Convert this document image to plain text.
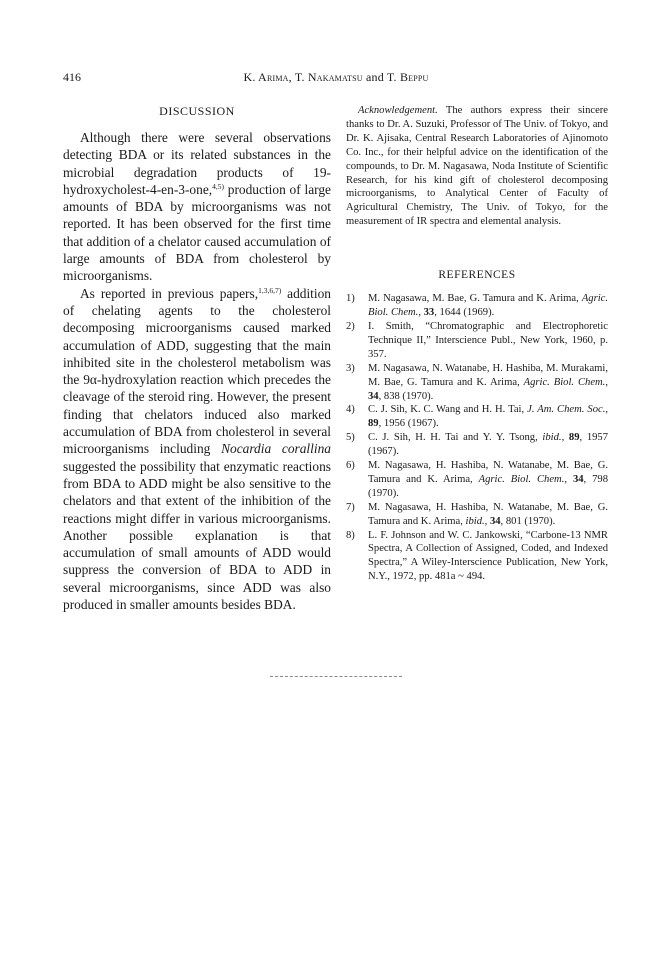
416	K. Arima, T. Nakamatsu and T. Beppu
DISCUSSION

Although there were several observations detecting BDA or its related substances in the microbial degradation products of 19-hydroxycholest-4-en-3-one,$^{4,5)}$ production of large amounts of BDA by microorganisms was not reported. It has been observed for the first time that addition of a chelator caused accumulation of large amounts of BDA from cholesterol by microorganisms.

As reported in previous papers,$^{1,3,6,7)}$ addition of chelating agents to the cholesterol decomposing microorganisms caused marked accumulation of ADD, suggesting that the main inhibited site in the cholesterol metabolism was the 9α-hydroxylation reaction which precedes the cleavage of the steroid ring. However, the present finding that chelators induced also marked accumulation of BDA from cholesterol in several microorganisms including Nocardia corallina suggested the possibility that enzymatic reactions from BDA to ADD might be also sensitive to the chelators and that extent of the inhibition of the reactions might differ in various microorganisms. Another possible explanation is that accumulation of small amounts of ADD would suppress the conversion of BDA to ADD in several microorganisms, since ADD was also produced in smaller amounts besides BDA.

Acknowledgement. The authors express their sincere thanks to Dr. A. Suzuki, Professor of The Univ. of Tokyo, and Dr. K. Ajisaka, Central Research Laboratories of Ajinomoto Co. Inc., for their helpful advice on the identification of the compounds, to Dr. M. Nagasawa, Noda Institute of Scientific Research, for his kind gift of cholesterol decomposing microorganisms, to Analytical Center of Faculty of Agricultural Chemistry, The Univ. of Tokyo, for the measurement of IR spectra and elemental analysis.

REFERENCES
1)	M. Nagasawa, M. Bae, G. Tamura and K. Arima, Agric. Biol. Chem., 33, 1644 (1969).
2)	I. Smith, “Chromatographic and Electrophoretic Technique II,” Interscience Publ., New York, 1960, p. 357.
3)	M. Nagasawa, N. Watanabe, H. Hashiba, M. Murakami, M. Bae, G. Tamura and K. Arima, Agric. Biol. Chem., 34, 838 (1970).
4)	C. J. Sih, K. C. Wang and H. H. Tai, J. Am. Chem. Soc., 89, 1956 (1967).
5)	C. J. Sih, H. H. Tai and Y. Y. Tsong, ibid., 89, 1957 (1967).
6)	M. Nagasawa, H. Hashiba, N. Watanabe, M. Bae, G. Tamura and K. Arima, Agric. Biol. Chem., 34, 798 (1970).
7)	M. Nagasawa, H. Hashiba, N. Watanabe, M. Bae, G. Tamura and K. Arima, ibid., 34, 801 (1970).
8)	L. F. Johnson and W. C. Jankowski, “Carbone-13 NMR Spectra, A Collection of Assigned, Coded, and Indexed Spectra,” A Wiley-Interscience Publication, New York, N.Y., 1972, pp. 481a ~ 494.
